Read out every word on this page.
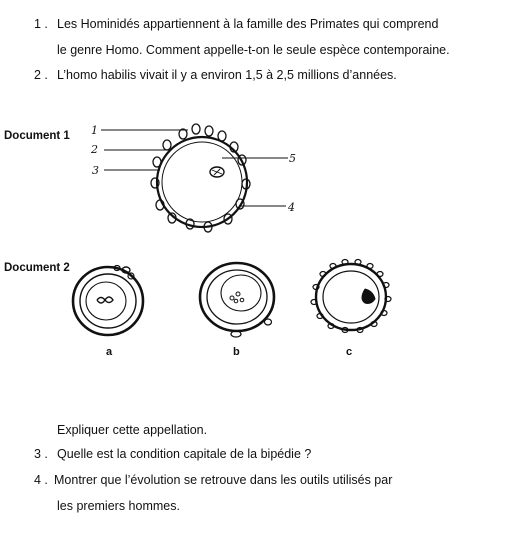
1 . Les Hominidés appartiennent à la famille des Primates qui comprend
le genre Homo. Comment appelle-t-on le seule espèce contemporaine.
2 . L’homo habilis vivait il y a environ 1,5 à 2,5 millions d’années.
Document 1
Document 2
1
2
3
5
4
a	b	c
Expliquer cette appellation.
3 . Quelle est la condition capitale de la bipédie ?
4 . Montrer que l’évolution se retrouve dans les outils utilisés par
les premiers hommes.
